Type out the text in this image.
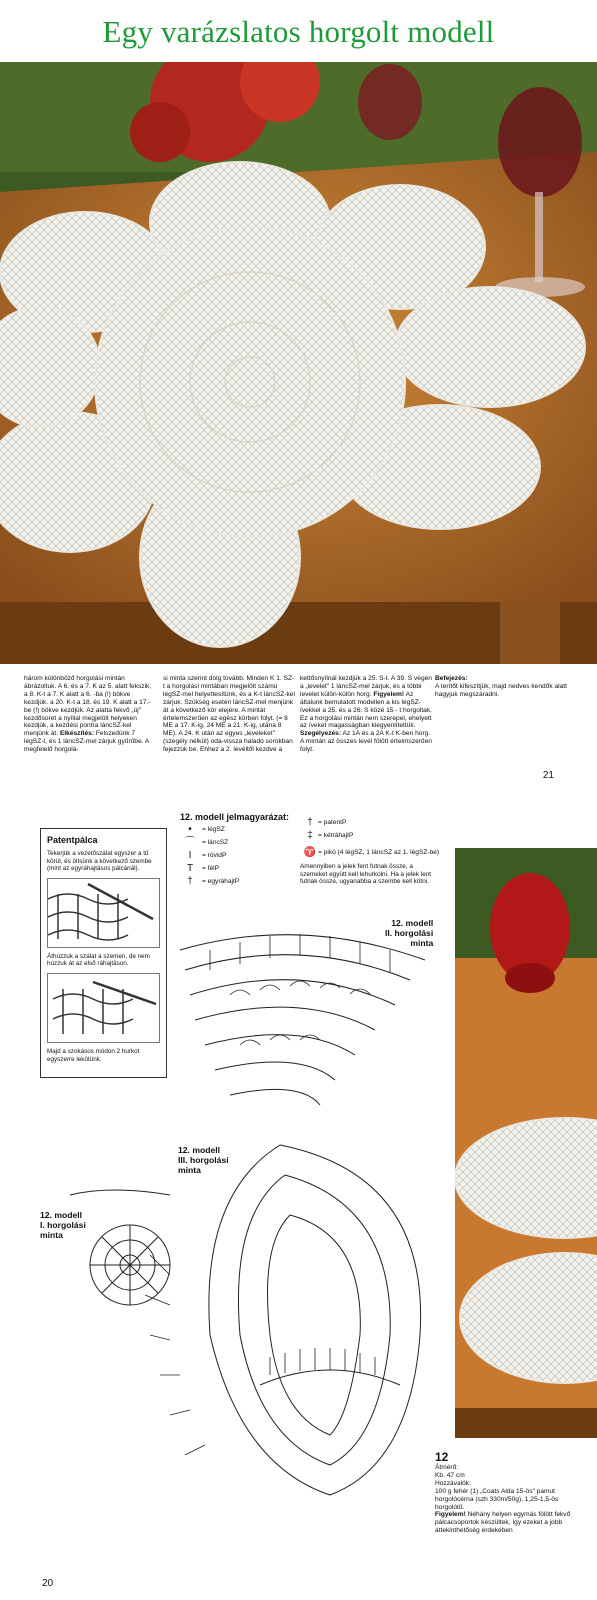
Egy varázslatos horgolt modell
három különböző horgolási mintán ábrázoltuk. A 6. és a 7. K az 5. alatt fekszik, a 8. K-t a 7. K alatt a 6. -ba (!) bökve kezdjük. a 20. K-t a 18. és 19. K alatt a 17.-be (!) bökve kezdjük. Az alatta fekvő „új" kezdősoret a nyíllal megjelölt helyeken kezdjük, a kezdési pontra láncSZ-kel menjünk át. Elkészítés: Felszedünk 7 légSZ-t, és 1 láncSZ-mel zárjuk gyűrűbe. A megfelelő horgolá-
si minta szerint dolg tovább. Minden K 1. SZ-t a horgolási mintában megjelölt számú légSZ-mel helyettesítünk, és a K-t láncSZ-kel zárjuk. Szükség esetén láncSZ-mel menjünk át a következő kör elejére. A mintát értelemszerűen az egész körben folyt. (= 8 ME a 17. K-ig, 24 ME a 21. K-ig, utána 8 ME). A 24. K után az egyes „leveleket" (szegély nélkül) oda-vissza haladó sorokban fejezzük be. Ehhez a 2. levéltől kezdve a
kettősnyílnál kezdjük a 25. S-t. A 39. S végén a „levelet" 1 láncSZ-mel zárjuk, és a többi levelet külön-külön horg. Figyelem! Az általunk bemutatott modellen a kis légSZ-ívekkel a 25. és a 26. S közé 15 - t horgoltak. Ez a horgolási mintán nem szerepel, ehelyett az íveket magasságban kiegyenlítettük. Szegélyezés: Az 1A és a 2A K-t K-ben horg. A mintán az összes levél fölött érteimszerűen folyt.
Befejezés:
A terítőt kifeszítjük, majd nedves kendők alatt hagyjuk megszáradni.
21
Patentpálca

Tekerjük a vezetőszálat egyszer a tű körül, és öltsünk a következő szembe (mint az egyráhajtásos pálcánál).

Áthúzzuk a szálat a szemen, de nem húzzuk át az első ráhajtáson.

Majd a szokásos módon 2 hurkot egyszerre lekötünk.

12. modell jelmagyarázat:
•	= légSZ
⌒	= láncSZ
I	= rövidP
T	= félP
†	= egyráhajtP
† = patentP
‡ = kétráhajtP
♈ = pikó (4 légSZ, 1 láncSZ az 1. légSZ-be)

Amennyiben a jelek fent futnak össze, a szemeket együtt kell lehurkolni. Ha a jelek lent futnak össze, ugyanabba a szembe kell kötni.

12. modell
II. horgolási
minta
12. modell
III. horgolási
minta
12. modell
I. horgolási
minta
12
Átmérő:
Kb. 47 cm
Hozzávalók:
100 g fehér (1) „Coats Alda 15-ös" pamut horgolócérna (szh 330m/50g), 1,25-1,5-ös horgolótű.
Figyelem! Néhány helyen egymás fölött fekvő pálcacsoportok készültek, így ezeket a jobb áttekinthetőség érdekében
20
